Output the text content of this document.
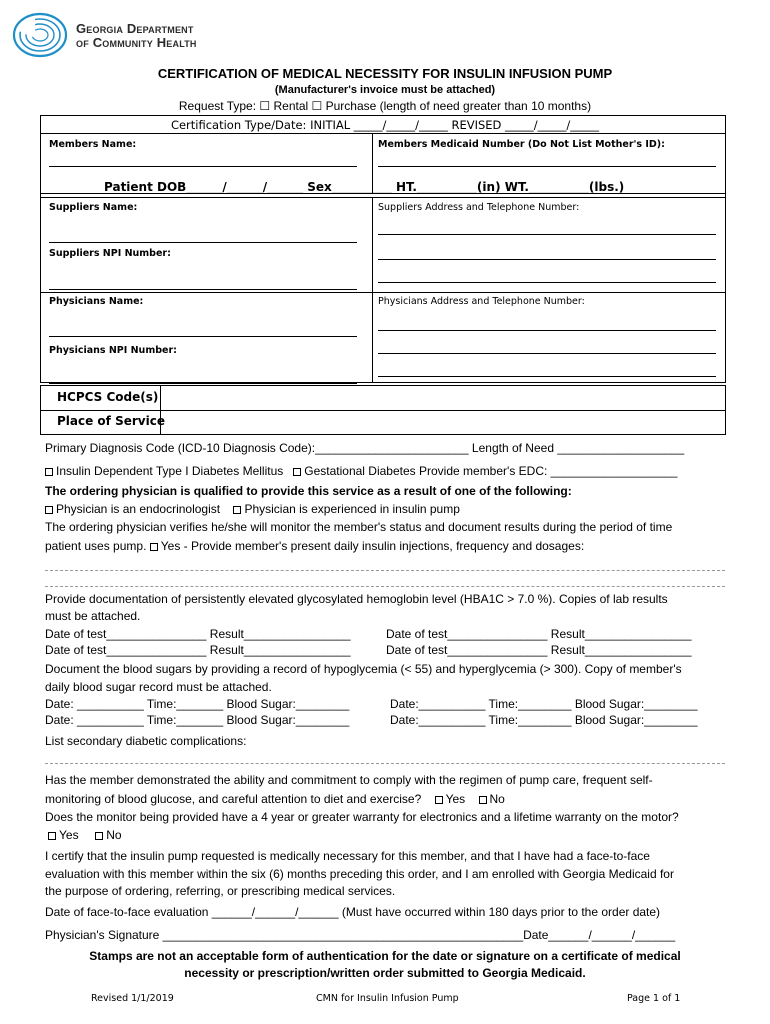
Georgia Department
of Community Health
CERTIFICATION OF MEDICAL NECESSITY FOR INSULIN INFUSION PUMP
(Manufacturer's invoice must be attached)
Request Type: ☐ Rental ☐ Purchase (length of need greater than 10 months)
Certification Type/Date: INITIAL _____/_____/_____ REVISED _____/_____/_____
Members Name:	Members Medicaid Number (Do Not List Mother's ID):
Patient DOB______/______/______ Sex__________ HT.__________(in) WT.__________(lbs.)
Suppliers Name:	Suppliers Address and Telephone Number:
Suppliers NPI Number:
Physicians Name:	Physicians Address and Telephone Number:
Physicians NPI Number:
HCPCS Code(s)
Place of Service
Primary Diagnosis Code (ICD-10 Diagnosis Code):_______________________ Length of Need ___________________
Insulin Dependent Type I Diabetes Mellitus Gestational Diabetes Provide member's EDC: ___________________
The ordering physician is qualified to provide this service as a result of one of the following:
Physician is an endocrinologist Physician is experienced in insulin pump
The ordering physician verifies he/she will monitor the member's status and document results during the period of time
patient uses pump. Yes - Provide member's present daily insulin injections, frequency and dosages:
Provide documentation of persistently elevated glycosylated hemoglobin level (HBA1C > 7.0 %). Copies of lab results
must be attached.
Date of test_______________ Result________________	Date of test_______________ Result________________
Date of test_______________ Result________________	Date of test_______________ Result________________
Document the blood sugars by providing a record of hypoglycemia (< 55) and hyperglycemia (> 300). Copy of member's
daily blood sugar record must be attached.
Date: __________ Time:_______ Blood Sugar:________	Date:__________ Time:________ Blood Sugar:________
Date: __________ Time:_______ Blood Sugar:________	Date:__________ Time:________ Blood Sugar:________
List secondary diabetic complications:
Has the member demonstrated the ability and commitment to comply with the regimen of pump care, frequent self-
monitoring of blood glucose, and careful attention to diet and exercise? Yes No
Does the monitor being provided have a 4 year or greater warranty for electronics and a lifetime warranty on the motor?
Yes No
I certify that the insulin pump requested is medically necessary for this member, and that I have had a face-to-face
evaluation with this member within the six (6) months preceding this order, and I am enrolled with Georgia Medicaid for
the purpose of ordering, referring, or prescribing medical services.
Date of face-to-face evaluation ______/______/______ (Must have occurred within 180 days prior to the order date)
Physician's Signature ______________________________________________________Date______/______/______
Stamps are not an acceptable form of authentication for the date or signature on a certificate of medical
necessity or prescription/written order submitted to Georgia Medicaid.
Revised 1/1/2019	CMN for Insulin Infusion Pump	Page 1 of 1
